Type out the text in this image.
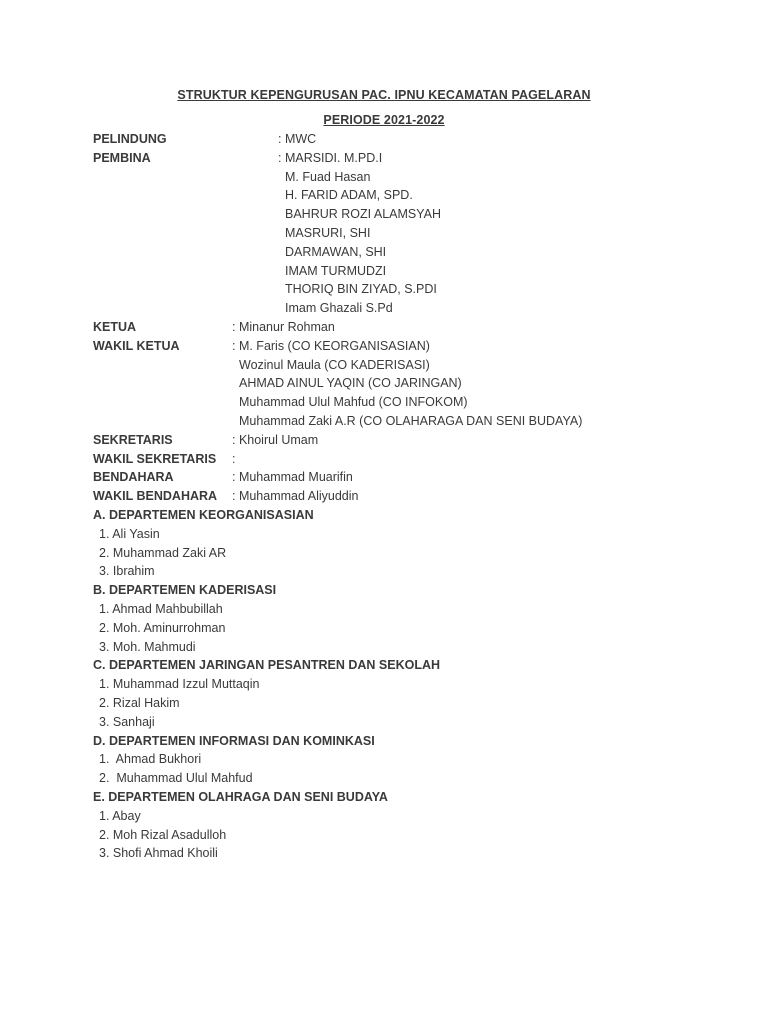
STRUKTUR KEPENGURUSAN PAC. IPNU KECAMATAN PAGELARAN
PERIODE 2021-2022
PELINDUNG	: MWC
PEMBINA	: MARSIDI. M.PD.I
M. Fuad Hasan
H. FARID ADAM, SPD.
BAHRUR ROZI ALAMSYAH
MASRURI, SHI
DARMAWAN, SHI
IMAM TURMUDZI
THORIQ BIN ZIYAD, S.PDI
Imam Ghazali S.Pd
KETUA	: Minanur Rohman
WAKIL KETUA	: M. Faris (CO KEORGANISASIAN)
Wozinul Maula (CO KADERISASI)
AHMAD AINUL YAQIN (CO JARINGAN)
Muhammad Ulul Mahfud (CO INFOKOM)
Muhammad Zaki A.R (CO OLAHARAGA DAN SENI BUDAYA)
SEKRETARIS	: Khoirul Umam
WAKIL SEKRETARIS :
BENDAHARA	: Muhammad Muarifin
WAKIL BENDAHARA : Muhammad Aliyuddin
A. DEPARTEMEN KEORGANISASIAN
1. Ali Yasin
2. Muhammad Zaki AR
3. Ibrahim
B. DEPARTEMEN KADERISASI
1. Ahmad Mahbubillah
2. Moh. Aminurrohman
3. Moh. Mahmudi
C. DEPARTEMEN JARINGAN PESANTREN DAN SEKOLAH
1. Muhammad Izzul Muttaqin
2. Rizal Hakim
3. Sanhaji
D. DEPARTEMEN INFORMASI DAN KOMINKASI
1.  Ahmad Bukhori
2.  Muhammad Ulul Mahfud
E. DEPARTEMEN OLAHRAGA DAN SENI BUDAYA
1. Abay
2. Moh Rizal Asadulloh
3. Shofi Ahmad Khoili
